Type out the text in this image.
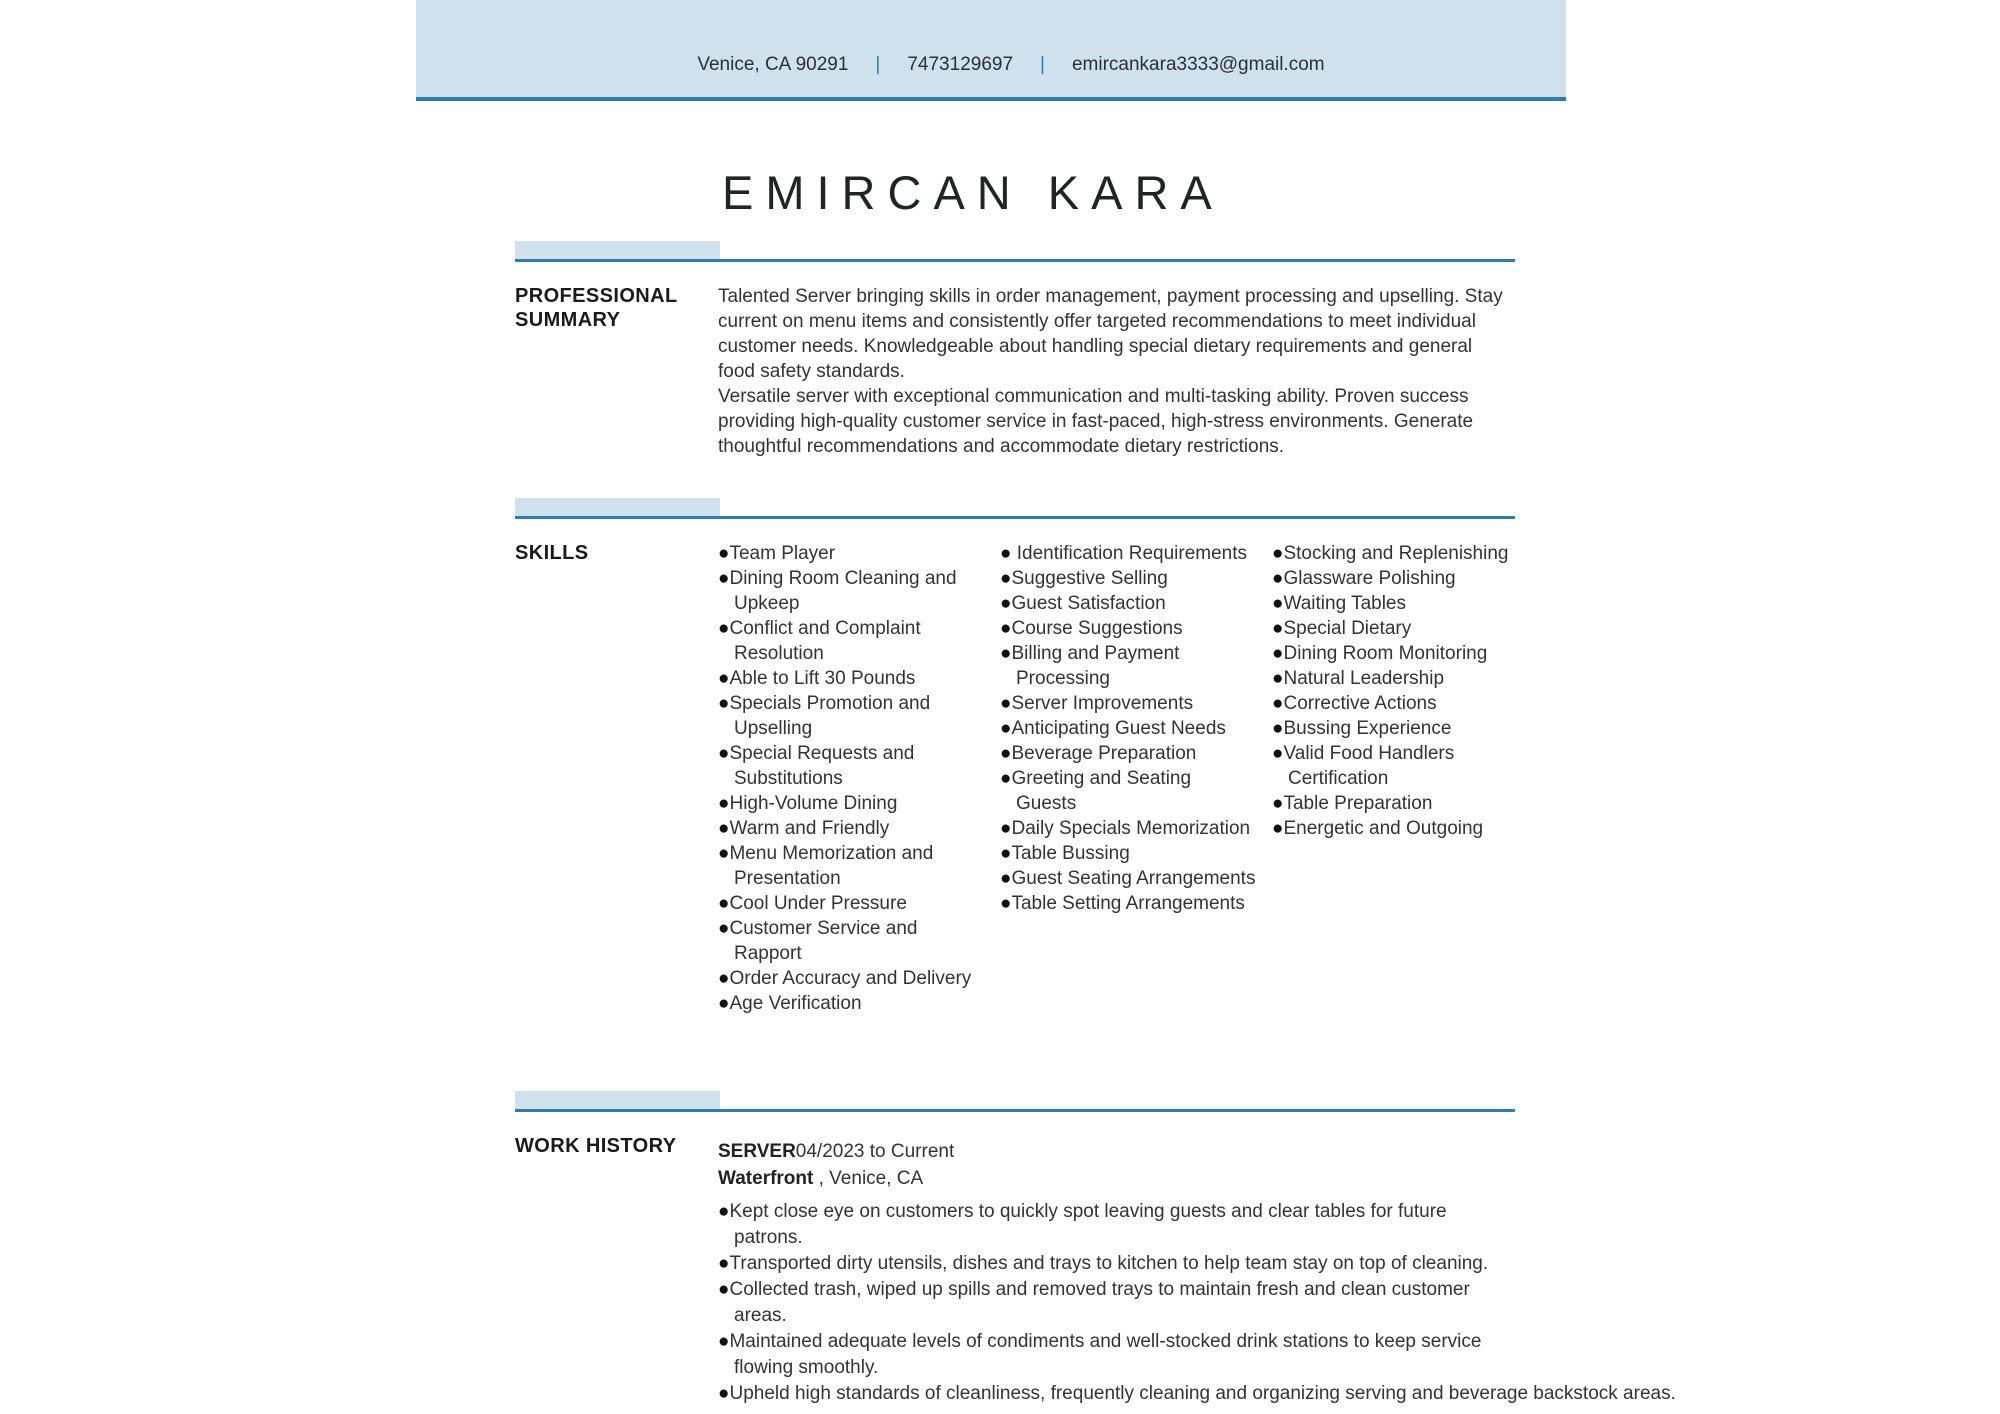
Venice, CA 90291 | 7473129697 | emircankara3333@gmail.com
EMIRCAN KARA
PROFESSIONAL SUMMARY

Talented Server bringing skills in order management, payment processing and upselling. Stay current on menu items and consistently offer targeted recommendations to meet individual customer needs. Knowledgeable about handling special dietary requirements and general food safety standards.

Versatile server with exceptional communication and multi-tasking ability. Proven success providing high-quality customer service in fast-paced, high-stress environments. Generate thoughtful recommendations and accommodate dietary restrictions.

SKILLS	●Team Player
●Dining Room Cleaning and Upkeep
●Conflict and Complaint Resolution
●Able to Lift 30 Pounds
●Specials Promotion and Upselling
●Special Requests and Substitutions
●High-Volume Dining
●Warm and Friendly
●Menu Memorization and Presentation
●Cool Under Pressure
●Customer Service and Rapport
●Order Accuracy and Delivery
●Age Verification
● Identification Requirements
●Suggestive Selling
●Guest Satisfaction
●Course Suggestions
●Billing and Payment Processing
●Server Improvements
●Anticipating Guest Needs
●Beverage Preparation
●Greeting and Seating Guests
●Daily Specials Memorization
●Table Bussing
●Guest Seating Arrangements
●Table Setting Arrangements
●Stocking and Replenishing
●Glassware Polishing
●Waiting Tables
●Special Dietary
●Dining Room Monitoring
●Natural Leadership
●Corrective Actions
●Bussing Experience
●Valid Food Handlers Certification
●Table Preparation
●Energetic and Outgoing
WORK HISTORY	SERVER04/2023 to Current
Waterfront , Venice, CA
●Kept close eye on customers to quickly spot leaving guests and clear tables for future patrons.
●Transported dirty utensils, dishes and trays to kitchen to help team stay on top of cleaning.
●Collected trash, wiped up spills and removed trays to maintain fresh and clean customer areas.
●Maintained adequate levels of condiments and well-stocked drink stations to keep service flowing smoothly.
●Upheld high standards of cleanliness, frequently cleaning and organizing serving and beverage backstock areas.
